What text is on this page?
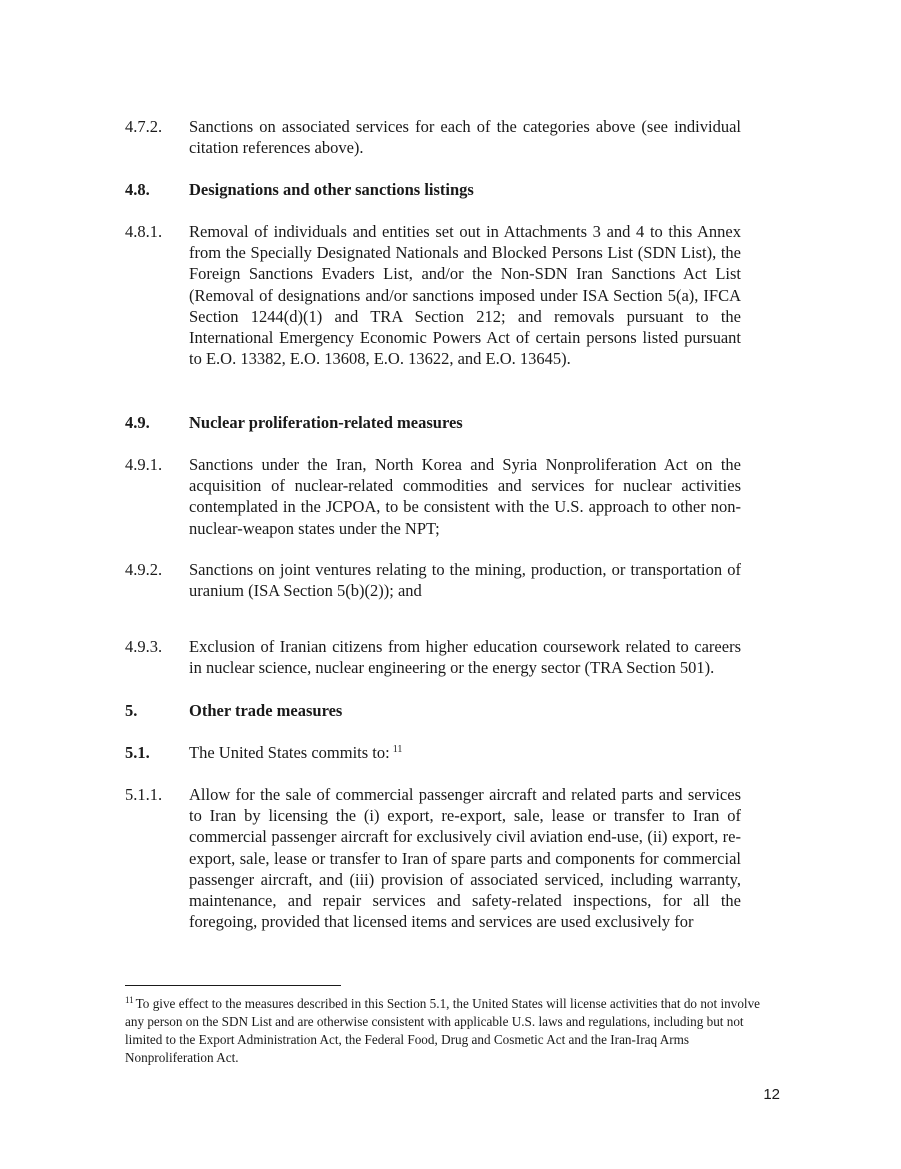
4.7.2. Sanctions on associated services for each of the categories above (see individual citation references above).
4.8. Designations and other sanctions listings
4.8.1. Removal of individuals and entities set out in Attachments 3 and 4 to this Annex from the Specially Designated Nationals and Blocked Persons List (SDN List), the Foreign Sanctions Evaders List, and/or the Non-SDN Iran Sanctions Act List (Removal of designations and/or sanctions imposed under ISA Section 5(a), IFCA Section 1244(d)(1) and TRA Section 212; and removals pursuant to the International Emergency Economic Powers Act of certain persons listed pursuant to E.O. 13382, E.O. 13608, E.O. 13622, and E.O. 13645).
4.9. Nuclear proliferation-related measures
4.9.1. Sanctions under the Iran, North Korea and Syria Nonproliferation Act on the acquisition of nuclear-related commodities and services for nuclear activities contemplated in the JCPOA, to be consistent with the U.S. approach to other non-nuclear-weapon states under the NPT;
4.9.2. Sanctions on joint ventures relating to the mining, production, or transportation of uranium (ISA Section 5(b)(2)); and
4.9.3. Exclusion of Iranian citizens from higher education coursework related to careers in nuclear science, nuclear engineering or the energy sector (TRA Section 501).
5.	Other trade measures
5.1. The United States commits to: $^{11}$
5.1.1. Allow for the sale of commercial passenger aircraft and related parts and services to Iran by licensing the (i) export, re-export, sale, lease or transfer to Iran of commercial passenger aircraft for exclusively civil aviation end-use, (ii) export, re-export, sale, lease or transfer to Iran of spare parts and components for commercial passenger aircraft, and (iii) provision of associated serviced, including warranty, maintenance, and repair services and safety-related inspections, for all the foregoing, provided that licensed items and services are used exclusively for
$^{11}$ To give effect to the measures described in this Section 5.1, the United States will license activities that do not involve any person on the SDN List and are otherwise consistent with applicable U.S. laws and regulations, including but not limited to the Export Administration Act, the Federal Food, Drug and Cosmetic Act and the Iran-Iraq Arms Nonproliferation Act.
12
